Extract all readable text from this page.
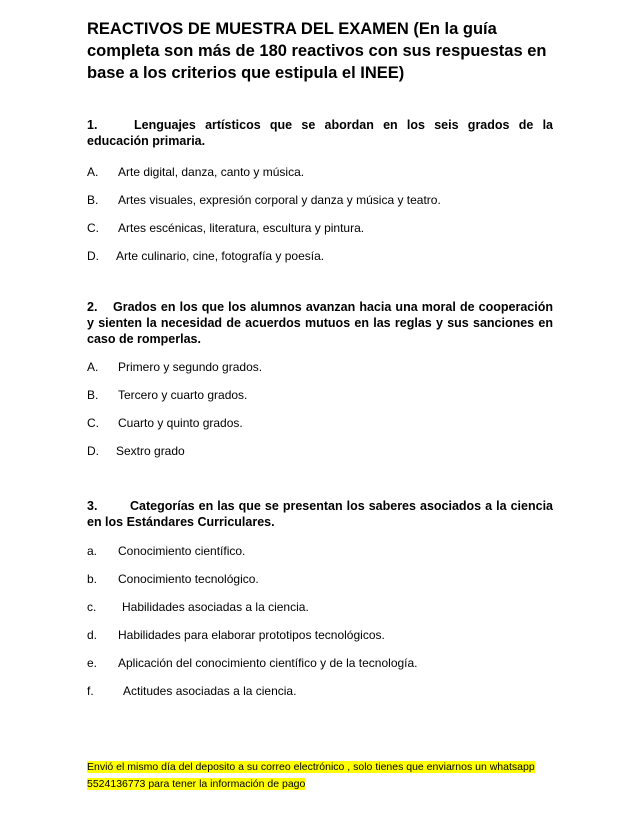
REACTIVOS DE MUESTRA DEL EXAMEN (En la guía completa son más de 180 reactivos con sus respuestas en base a los criterios que estipula el INEE)
1.	Lenguajes artísticos que se abordan en los seis grados de la educación primaria.
A. Arte digital, danza, canto y música.
B. Artes visuales, expresión corporal y danza y música y teatro.
C. Artes escénicas, literatura, escultura y pintura.
D. Arte culinario, cine, fotografía y poesía.
2. Grados en los que los alumnos avanzan hacia una moral de cooperación y sienten la necesidad de acuerdos mutuos en las reglas y sus sanciones en caso de romperlas.
A. Primero y segundo grados.
B. Tercero y cuarto grados.
C. Cuarto y quinto grados.
D. Sextro grado
3.	Categorías en las que se presentan los saberes asociados a la ciencia en los Estándares Curriculares.
a. Conocimiento científico.
b. Conocimiento tecnológico.
c. Habilidades asociadas a la ciencia.
d. Habilidades para elaborar prototipos tecnológicos.
e. Aplicación del conocimiento científico y de la tecnología.
f. Actitudes asociadas a la ciencia.
Envió el mismo día del deposito a su correo electrónico , solo tienes que enviarnos un whatsapp
5524136773 para tener la información de pago
